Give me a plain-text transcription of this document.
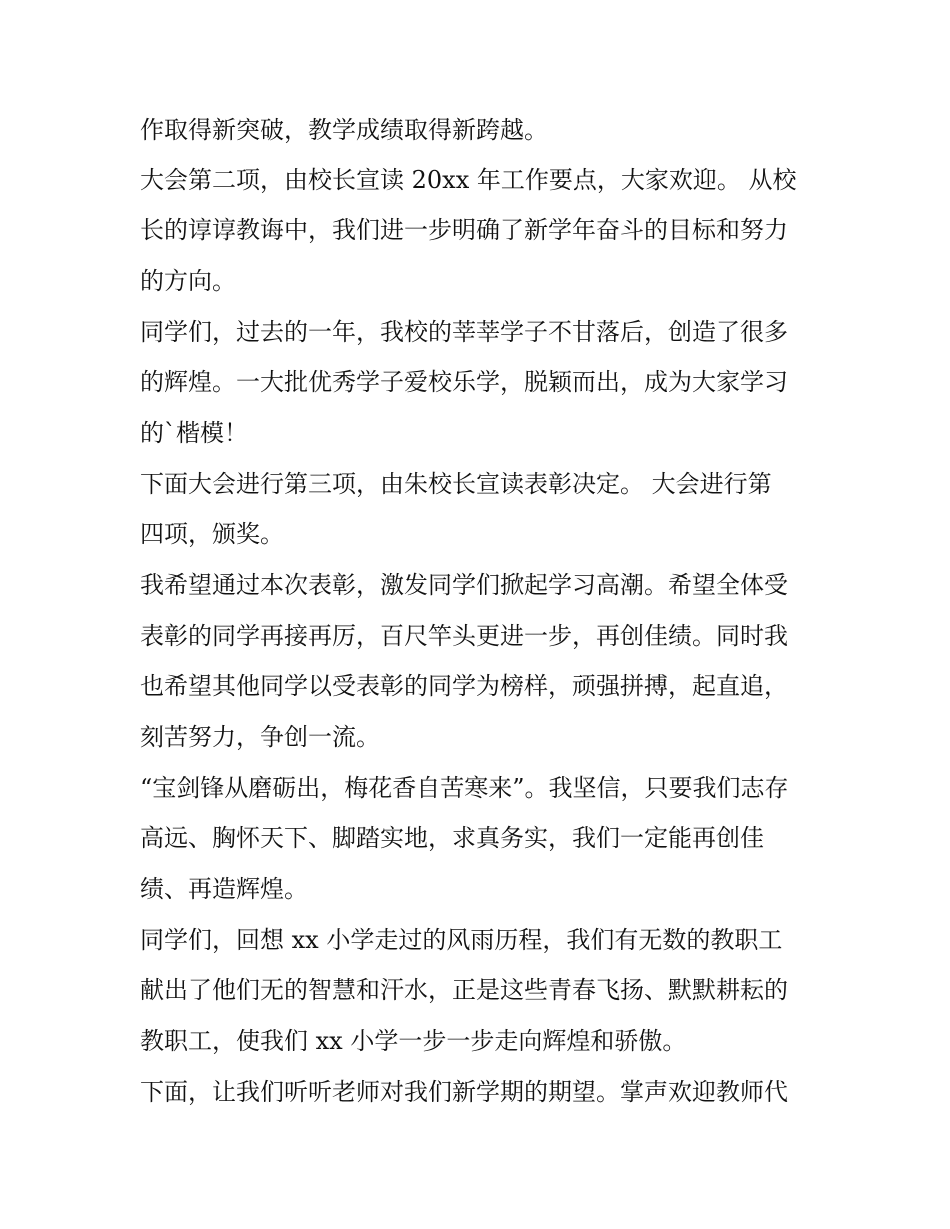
作取得新突破，教学成绩取得新跨越。
大会第二项，由校长宣读 20xx 年工作要点，大家欢迎。 从校
长的谆谆教诲中，我们进一步明确了新学年奋斗的目标和努力
的方向。
同学们，过去的一年，我校的莘莘学子不甘落后，创造了很多
的辉煌。一大批优秀学子爱校乐学，脱颖而出，成为大家学习
的`楷模！
下面大会进行第三项，由朱校长宣读表彰决定。 大会进行第
四项，颁奖。
我希望通过本次表彰，激发同学们掀起学习高潮。希望全体受
表彰的同学再接再厉，百尺竿头更进一步，再创佳绩。同时我
也希望其他同学以受表彰的同学为榜样，顽强拼搏，起直追，
刻苦努力，争创一流。
“宝剑锋从磨砺出，梅花香自苦寒来”。我坚信，只要我们志存
高远、胸怀天下、脚踏实地，求真务实，我们一定能再创佳
绩、再造辉煌。
同学们，回想 xx 小学走过的风雨历程，我们有无数的教职工
献出了他们无的智慧和汗水，正是这些青春飞扬、默默耕耘的
教职工，使我们 xx 小学一步一步走向辉煌和骄傲。
下面，让我们听听老师对我们新学期的期望。掌声欢迎教师代
